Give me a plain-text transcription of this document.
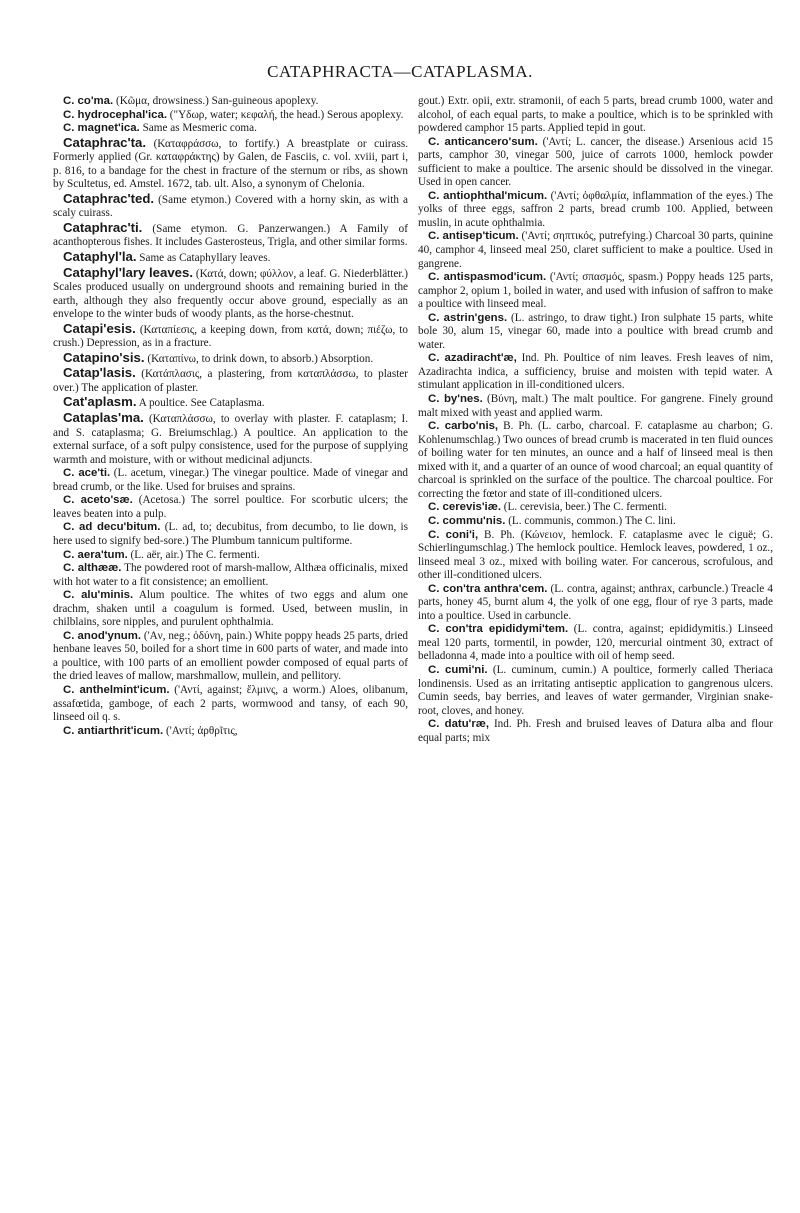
CATAPHRACTA—CATAPLASMA.

C. co'ma. (Kῶμα, drowsiness.) San-guineous apoplexy.

C. hydrocephal'ica. ("Yδωρ, water; κεφαλή, the head.) Serous apoplexy.

C. magnet'ica. Same as Mesmeric coma.

Cataphrac'ta. (Καταφράσσω, to fortify.) A breastplate or cuirass. Formerly applied (Gr. καταφράκτης) by Galen, de Fasciis, c. vol. xviii, part i, p. 816, to a bandage for the chest in fracture of the sternum or ribs, as shown by Scultetus, ed. Amstel. 1672, tab. ult. Also, a synonym of Chelonia.

Cataphrac'ted. (Same etymon.) Covered with a horny skin, as with a scaly cuirass.

Cataphrac'ti. (Same etymon. G. Panzerwangen.) A Family of acanthopterous fishes. It includes Gasterosteus, Trigla, and other similar forms.

Cataphyl'la. Same as Cataphyllary leaves.

Cataphyl'lary leaves. (Κατά, down; φύλλον, a leaf. G. Niederblätter.) Scales produced usually on underground shoots and remaining buried in the earth, although they also frequently occur above ground, especially as an envelope to the winter buds of woody plants, as the horse-chestnut.

Catapi'esis. (Καταπίεσις, a keeping down, from κατά, down; πιέζω, to crush.) Depression, as in a fracture.

Catapino'sis. (Καταπίνω, to drink down, to absorb.) Absorption.

Catap'lasis. (Κατάπλασις, a plastering, from καταπλάσσω, to plaster over.) The application of plaster.

Cat'aplasm. A poultice. See Cataplasma.

Cataplas'ma. (Καταπλάσσω, to overlay with plaster. F. cataplasm; I. and S. cataplasma; G. Breiumschlag.) A poultice. An application to the external surface, of a soft pulpy consistence, used for the purpose of supplying warmth and moisture, with or without medicinal adjuncts.

C. ace'ti. (L. acetum, vinegar.) The vinegar poultice. Made of vinegar and bread crumb, or the like. Used for bruises and sprains.

C. aceto'sæ. (Acetosa.) The sorrel poultice. For scorbutic ulcers; the leaves beaten into a pulp.

C. ad decu'bitum. (L. ad, to; decubitus, from decumbo, to lie down, is here used to signify bed-sore.) The Plumbum tannicum pultiforme.

C. aera'tum. (L. aër, air.) The C. fermenti.

C. althææ. The powdered root of marsh-mallow, Althæa officinalis, mixed with hot water to a fit consistence; an emollient.

C. alu'minis. Alum poultice. The whites of two eggs and alum one drachm, shaken until a coagulum is formed. Used, between muslin, in chilblains, sore nipples, and purulent ophthalmia.

C. anod'ynum. ('Aν, neg.; ὀδύνη, pain.) White poppy heads 25 parts, dried henbane leaves 50, boiled for a short time in 600 parts of water, and made into a poultice, with 100 parts of an emollient powder composed of equal parts of the dried leaves of mallow, marshmallow, mullein, and pellitory.

C. anthelmint'icum. ('Αντί, against; ἕλμινς, a worm.) Aloes, olibanum, assafœtida, gamboge, of each 2 parts, wormwood and tansy, of each 90, linseed oil q. s.

C. antiarthrit'icum. ('Αντί; ἀρθρῖτις,

gout.) Extr. opii, extr. stramonii, of each 5 parts, bread crumb 1000, water and alcohol, of each equal parts, to make a poultice, which is to be sprinkled with powdered camphor 15 parts. Applied tepid in gout.

C. anticancero'sum. ('Αντί; L. cancer, the disease.) Arsenious acid 15 parts, camphor 30, vinegar 500, juice of carrots 1000, hemlock powder sufficient to make a poultice. The arsenic should be dissolved in the vinegar. Used in open cancer.

C. antiophthal'micum. ('Αντί; ὀφθαλμία, inflammation of the eyes.) The yolks of three eggs, saffron 2 parts, bread crumb 100. Applied, between muslin, in acute ophthalmia.

C. antisep'ticum. ('Αντί; σηπτικός, putrefying.) Charcoal 30 parts, quinine 40, camphor 4, linseed meal 250, claret sufficient to make a poultice. Used in gangrene.

C. antispasmod'icum. ('Αντί; σπασμός, spasm.) Poppy heads 125 parts, camphor 2, opium 1, boiled in water, and used with infusion of saffron to make a poultice with linseed meal.

C. astrin'gens. (L. astringo, to draw tight.) Iron sulphate 15 parts, white bole 30, alum 15, vinegar 60, made into a poultice with bread crumb and water.

C. azadiracht'æ, Ind. Ph. Poultice of nim leaves. Fresh leaves of nim, Azadirachta indica, a sufficiency, bruise and moisten with tepid water. A stimulant application in ill-conditioned ulcers.

C. by'nes. (Βύνη, malt.) The malt poultice. For gangrene. Finely ground malt mixed with yeast and applied warm.

C. carbo'nis, B. Ph. (L. carbo, charcoal. F. cataplasme au charbon; G. Kohlenumschlag.) Two ounces of bread crumb is macerated in ten fluid ounces of boiling water for ten minutes, an ounce and a half of linseed meal is then mixed with it, and a quarter of an ounce of wood charcoal; an equal quantity of charcoal is sprinkled on the surface of the poultice. The charcoal poultice. For correcting the fœtor and state of ill-conditioned ulcers.

C. cerevis'iæ. (L. cerevisia, beer.) The C. fermenti.

C. commu'nis. (L. communis, common.) The C. lini.

C. coni'i, B. Ph. (Κώνειον, hemlock. F. cataplasme avec le ciguë; G. Schierlingumschlag.) The hemlock poultice. Hemlock leaves, powdered, 1 oz., linseed meal 3 oz., mixed with boiling water. For cancerous, scrofulous, and other ill-conditioned ulcers.

C. con'tra anthra'cem. (L. contra, against; anthrax, carbuncle.) Treacle 4 parts, honey 45, burnt alum 4, the yolk of one egg, flour of rye 3 parts, made into a poultice. Used in carbuncle.

C. con'tra epididymi'tem. (L. contra, against; epididymitis.) Linseed meal 120 parts, tormentil, in powder, 120, mercurial ointment 30, extract of belladonna 4, made into a poultice with oil of hemp seed.

C. cumi'ni. (L. cuminum, cumin.) A poultice, formerly called Theriaca londinensis. Used as an irritating antiseptic application to gangrenous ulcers. Cumin seeds, bay berries, and leaves of water germander, Virginian snake-root, cloves, and honey.

C. datu'ræ, Ind. Ph. Fresh and bruised leaves of Datura alba and flour equal parts; mix
